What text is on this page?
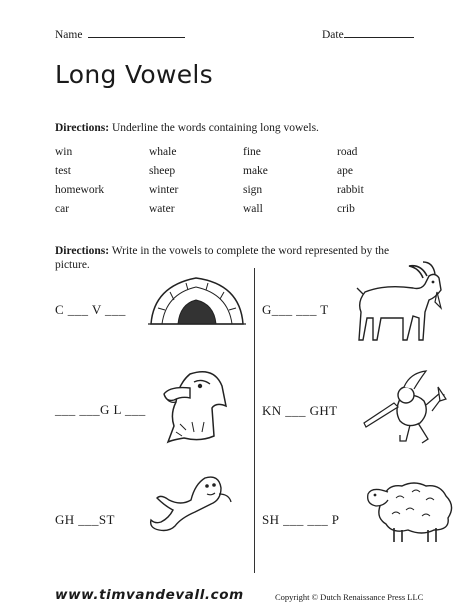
Name	Date
Long Vowels
Directions: Underline the words containing long vowels.
win	whale	fine	road
test	sheep	make	ape
homework	winter	sign	rabbit
car	water	wall	crib
Directions: Write in the vowels to complete the word represented by the picture.
C ___ V ___	G___ ___ T
___ ___G L ___	KN ___ GHT
GH ___ST	SH ___ ___ P
www.timvandevall.com	Copyright © Dutch Renaissance Press LLC
